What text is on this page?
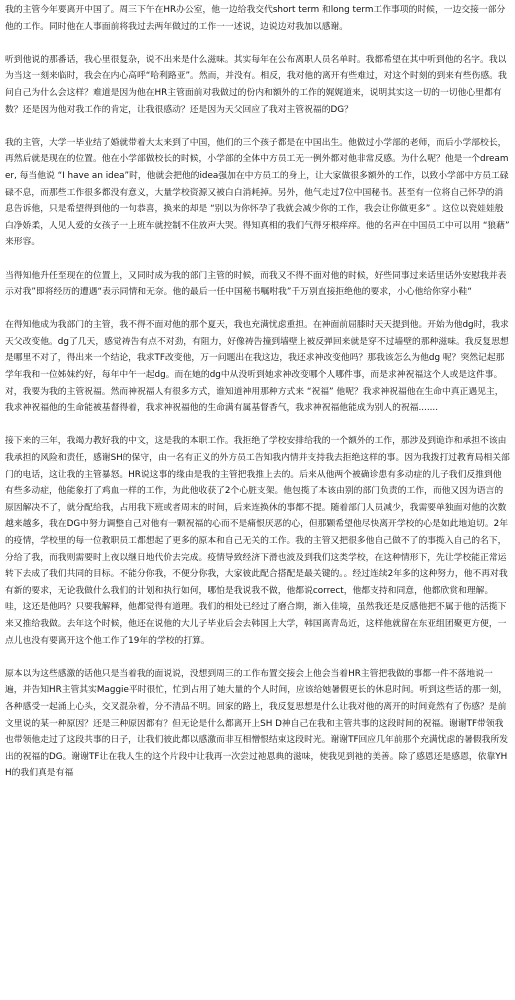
我的主管今年要离开中国了。周三下午在HR办公室，他一边给我交代short term 和long term工作事项的时候，一边交接一部分他的工作。同时他在人事面前将我过去两年做过的工作一一述说，边说边对我加以感谢。

听到他说的那番话，我心里很复杂，说不出来是什么滋味。其实每年在公布离职人员名单时。我都希望在其中听到他的名字。我以为当这一刻来临时，我会在内心高呼“哈利路亚”。然而，并没有。相反，我对他的离开有些难过，对这个时刻的到来有些伤感。我问自己为什么会这样？难道是因为他在HR主管面前对我做过的份内和额外的工作的娓娓道来，说明其实这一切的一切他心里都有数？还是因为他对我工作的肯定，让我很感动？还是因为天父回应了我对主管祝福的DG？

我的主管，大学一毕业结了婚就带着大太来到了中国，他们的三个孩子都是在中国出生。他做过小学部的老师，而后小学部校长，再然后就是现在的位置。他在小学部做校长的时候，小学部的全体中方员工无一例外都对他非常反感。为什么呢？他是一个dreamer, 每当他说 “I have an idea”时，他就会把他的idea强加在中方员工的身上，让大家做很多额外的工作，以致小学部中方员工碌碌不息，而那些工作很多都没有意义，大量学校资源又被白白消耗掉。另外，他气走过7位中国秘书。甚至有一位将自己怀孕的消息告诉他，只是希望得到他的一句恭喜，换来的却是 “别以为你怀孕了我就会减少你的工作，我会让你做更多” 。这位以瓷娃娃般白净娇柔，人见人爱的女孩子一上班车就控制不住放声大哭。得知真相的我们气得牙根痒痒。他的名声在中国员工中可以用 “狼藉” 来形容。

当得知他升任至现在的位置上，又同时成为我的部门主管的时候，而我又不得不面对他的时候，好些同事过来话里话外安慰我并表示对我”即将经历的遭遇“表示同情和无奈。他的最后一任中国秘书嘱咐我”千万别直接拒绝他的要求，小心他给你穿小鞋“

在得知他成为我部门的主管，我不得不面对他的那个夏天，我也充满忧虑重担。在神面前屈膝时天天提到他。开始为他dg时，我求天父改变他。dg了几天，感觉祷告有点不对劲，有阻力，好像祷告撞到墙壁上被反弹回来就是穿不过墙壁的那种滋味。我反复思想是哪里不对了，得出来一个结论，我求TF改变他，万一问题出在我这边，我还求神改变他吗？那我该怎么为他dg 呢？突然记起那学年我和一位姊妹约好，每年中午一起dg。而在她的dg中从没听到她求神改变哪个人哪件事，而是求神祝福这个人或是这件事。对，我要为我的主管祝福。然而神祝福人有很多方式，谁知道神用那种方式来 “祝福” 他呢？我求神祝福他在生命中真正遇见主，我求神祝福他的生命能被基督得着，我求神祝福他的生命满有属基督香气，我求神祝福他能成为别人的祝福.......

接下来的三年，我竭力教好我的中文，这是我的本职工作。我拒绝了学校安排给我的一个额外的工作，那涉及到诡诈和承担不该由我承担的风险和责任，感谢SH的保守，由一名有正义的外方员工告知我内情并支持我去拒绝这样的事。因为我拨打过教育局相关部门的电话，这让我的主管暴怒。HR说这事的缘由是我的主管把我推上去的。后来从他两个被确诊患有多动症的儿子我们反推到他有些多动症，他能象打了鸡血一样的工作，为此他收获了2个心脏支架。他包揽了本该由别的部门负责的工作，而他又因为语言的原因解决不了，就分配给我，占用我下班或者周末的时间，后来连换休的事都不提。随着部门人员减少，我需要单独面对他的次数越来越多，我在DG中努力调整自己对他有一颗祝福的心而不是痛恨厌恶的心，但那颗希望他尽快离开学校的心是如此地迫切。2年的疫情，学校里的每一位教职员工都想起了更多的原本和自己无关的工作。我的主管又把很多他自己做不了的事揽入自己的名下，分给了我，而我则需要时上夜以继日地代价去完成。疫情导致经济下滑也波及到我们这类学校，在这种情形下，先让学校能正常运转下去成了我们共同的目标。不能分你我，不便分你我，大家彼此配合搭配是最关键的。。经过连续2年多的这种努力，他不再对我有新的要求，无论我做什么我们的计划和执行如何，哪怕是我说我不做，他都说correct，他都支持和同意，他都欣赏和理解。哇，这还是他吗？只要我解释，他都觉得有道理。我们的相处已经过了磨合期，渐入佳境，虽然我还是反感他把不属于他的活揽下来又推给我做。去年这个时候，他还在说他的大儿子毕业后会去韩国上大学，韩国离青岛近，这样他就留在东亚组团聚更方便，一点儿也没有要离开这个他工作了19年的学校的打算。

原本以为这些感激的话他只是当着我的面说说，没想到周三的工作布置交接会上他会当着HR主管把我做的事都一件不落地说一遍，并告知HR主管其实Maggie平时很忙，忙到占用了她大量的个人时间，应该给她暑假更长的休息时间。听到这些话的那一刻，各种感受一起涌上心头，交叉混杂着，分不清品不明。回家的路上，我反复思想是什么让我对他的离开的时间竟然有了伤感？是前文里说的某一种原因？还是三种原因都有？但无论是什么都离开上SH D神自己在我和主管共事的这段时间的祝福。谢谢TF带领我也带领他走过了这段共事的日子，让我们彼此都以感激而非互相憎恨结束这段时光。谢谢TF回应几年前那个充满忧虑的暑假我所发出的祝福的DG。谢谢TF让在我人生的这个片段中让我再一次尝过祂恩典的滋味，使我见到祂的美善。除了感恩还是感恩，依靠YHH的我们真是有福
